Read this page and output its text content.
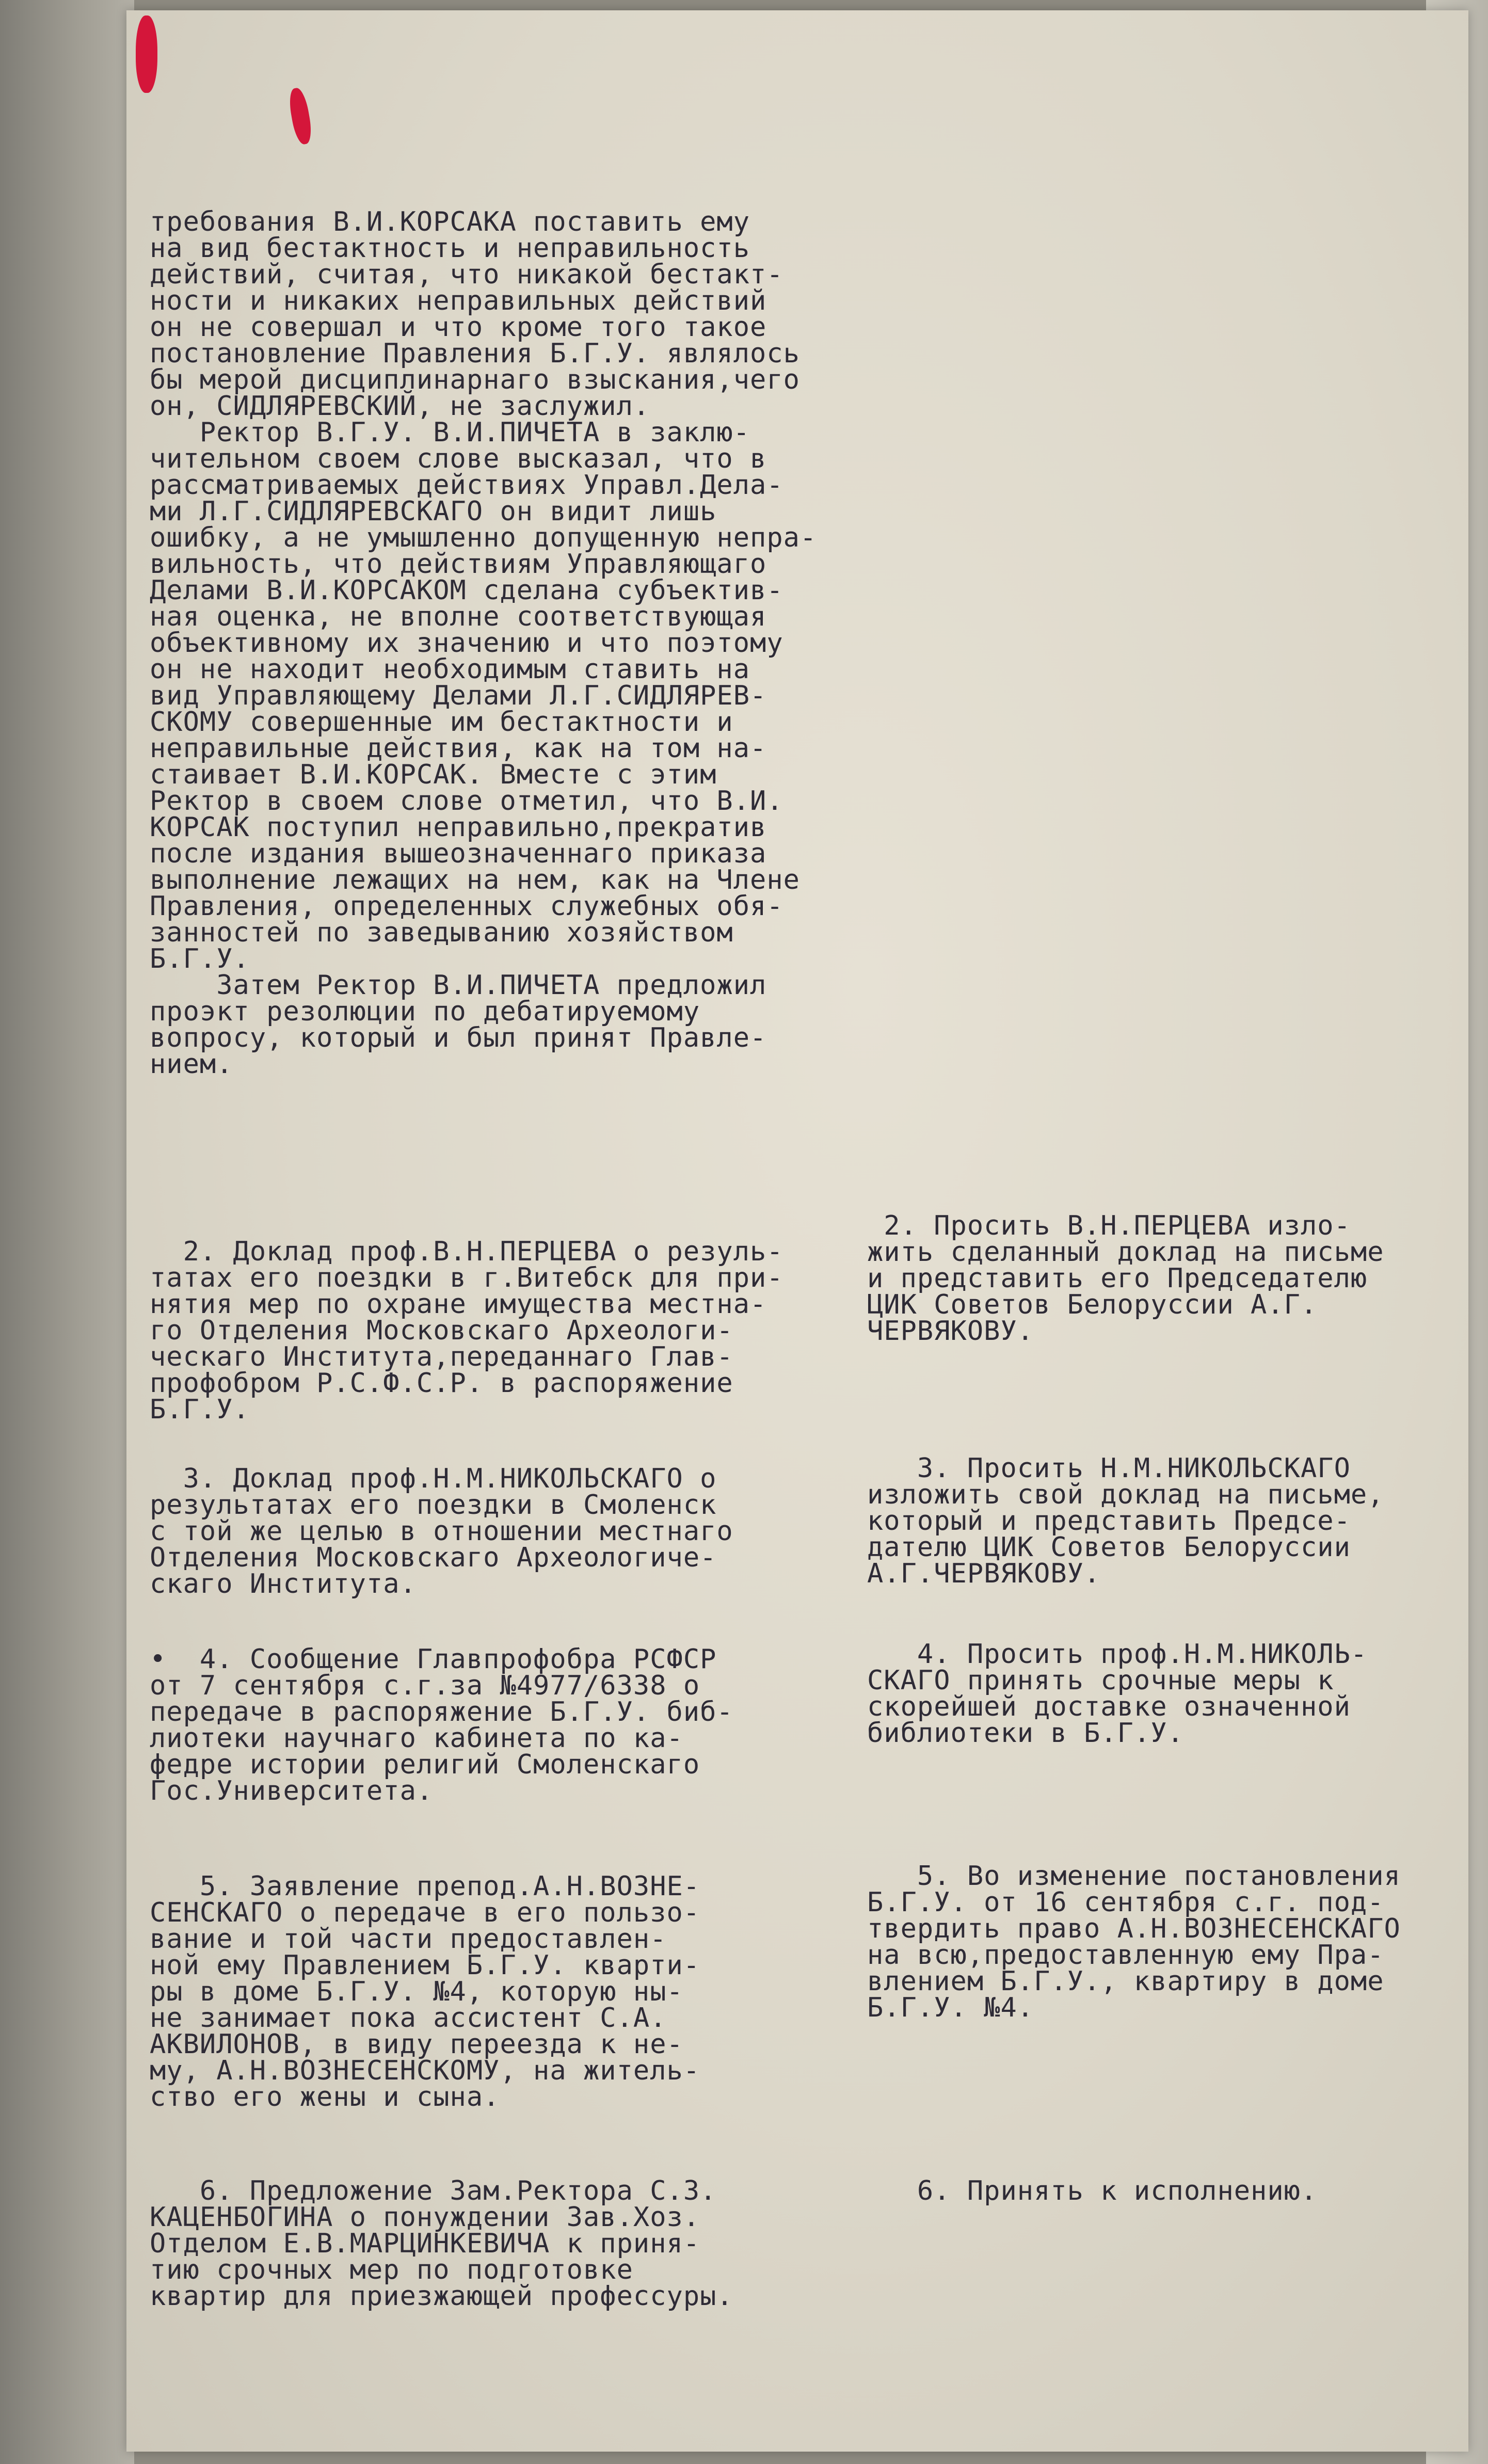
требования В.И.КОРСАКА поставить ему
на вид бестактность и неправильность
действий, считая, что никакой бестакт-
ности и никаких неправильных действий
он не совершал и что кроме того такое
постановление Правления Б.Г.У. являлось
бы мерой дисциплинарнаго взыскания,чего
он, СИДЛЯРЕВСКИЙ, не заслужил.
Ректор В.Г.У. В.И.ПИЧЕТА в заклю-
чительном своем слове высказал, что в
рассматриваемых действиях Управл.Дела-
ми Л.Г.СИДЛЯРЕВСКАГО он видит лишь
ошибку, а не умышленно допущенную непра-
вильность, что действиям Управляющаго
Делами В.И.КОРСАКОМ сделана субъектив-
ная оценка, не вполне соответствующая
объективному их значению и что поэтому
он не находит необходимым ставить на
вид Управляющему Делами Л.Г.СИДЛЯРЕВ-
СКОМУ совершенные им бестактности и
неправильные действия, как на том на-
стаивает В.И.КОРСАК. Вместе с этим
Ректор в своем слове отметил, что В.И.
КОРСАК поступил неправильно,прекратив
после издания вышеозначеннаго приказа
выполнение лежащих на нем, как на Члене
Правления, определенных служебных обя-
занностей по заведыванию хозяйством
Б.Г.У.
Затем Ректор В.И.ПИЧЕТА предложил
проэкт резолюции по дебатируемому
вопросу, который и был принят Правле-
нием.
2. Доклад проф.В.Н.ПЕРЦЕВА о резуль-
татах его поездки в г.Витебск для при-
нятия мер по охране имущества местна-
го Отделения Московскаго Археологи-
ческаго Института,переданнаго Глав-
профобром Р.С.Ф.С.Р. в распоряжение
Б.Г.У.
2. Просить В.Н.ПЕРЦЕВА изло-
жить сделанный доклад на письме
и представить его Председателю
ЦИК Советов Белоруссии А.Г.
ЧЕРВЯКОВУ.
3. Доклад проф.Н.М.НИКОЛЬСКАГО о
результатах его поездки в Смоленск
с той же целью в отношении местнаго
Отделения Московскаго Археологиче-
скаго Института.
3. Просить Н.М.НИКОЛЬСКАГО
изложить свой доклад на письме,
который и представить Предсе-
дателю ЦИК Советов Белоруссии
А.Г.ЧЕРВЯКОВУ.
•  4. Сообщение Главпрофобра РСФСР
от 7 сентября с.г.за №4977/6338 о
передаче в распоряжение Б.Г.У. биб-
лиотеки научнаго кабинета по ка-
федре истории религий Смоленскаго
Гос.Университета.
4. Просить проф.Н.М.НИКОЛЬ-
СКАГО принять срочные меры к
скорейшей доставке означенной
библиотеки в Б.Г.У.
5. Заявление препод.А.Н.ВОЗНЕ-
СЕНСКАГО о передаче в его пользо-
вание и той части предоставлен-
ной ему Правлением Б.Г.У. кварти-
ры в доме Б.Г.У. №4, которую ны-
не занимает пока ассистент С.А.
АКВИЛОНОВ, в виду переезда к не-
му, А.Н.ВОЗНЕСЕНСКОМУ, на житель-
ство его жены и сына.
5. Во изменение постановления
Б.Г.У. от 16 сентября с.г. под-
твердить право А.Н.ВОЗНЕСЕНСКАГО
на всю,предоставленную ему Пра-
влением Б.Г.У., квартиру в доме
Б.Г.У. №4.
6. Предложение Зам.Ректора С.З.
КАЦЕНБОГИНА о понуждении Зав.Хоз.
Отделом Е.В.МАРЦИНКЕВИЧА к приня-
тию срочных мер по подготовке
квартир для приезжающей профессуры.
6. Принять к исполнению.
